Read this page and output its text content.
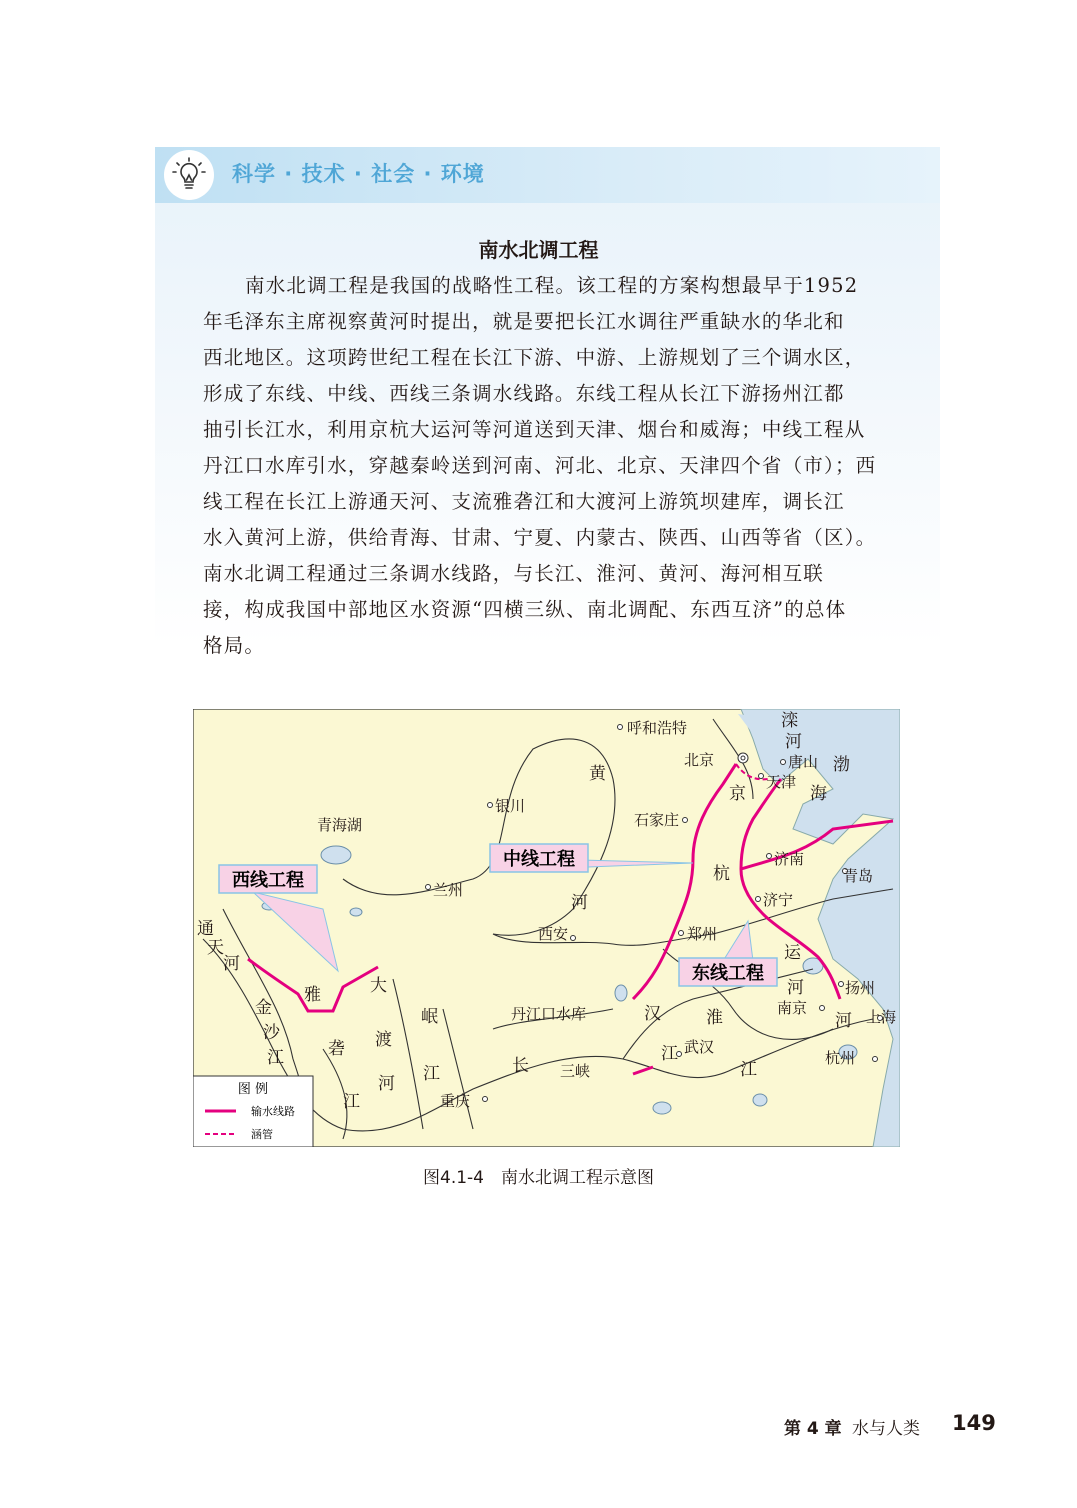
科学 · 技术 · 社会 · 环境
南水北调工程
南水北调工程是我国的战略性工程。该工程的方案构想最早于1952
年毛泽东主席视察黄河时提出，就是要把长江水调往严重缺水的华北和
西北地区。这项跨世纪工程在长江下游、中游、上游规划了三个调水区，
形成了东线、中线、西线三条调水线路。东线工程从长江下游扬州江都
抽引长江水，利用京杭大运河等河道送到天津、烟台和威海；中线工程从
丹江口水库引水，穿越秦岭送到河南、河北、北京、天津四个省（市）；西
线工程在长江上游通天河、支流雅砻江和大渡河上游筑坝建库，调长江
水入黄河上游，供给青海、甘肃、宁夏、内蒙古、陕西、山西等省（区）。
南水北调工程通过三条调水线路，与长江、淮河、黄河、海河相互联
接，构成我国中部地区水资源“四横三纵、南北调配、东西互济”的总体
格局。
西线工程
中线工程
东线工程
呼和浩特
北京	唐山
天津
银川
石家庄
济南
青岛
兰州
济宁
西安	郑州
丹江口水库	南京
扬州
上海
武汉
杭州
重庆
三峡
青海湖
滦
河
渤
海
黄
河
京
杭
运
河
通
天
河
金
沙
江
雅
砻
江
大
渡
河
岷
江
汉
江
淮	河
长	江
图 例
输水线路
涵管
图4.1-4　南水北调工程示意图
第 4 章 水与人类 149
